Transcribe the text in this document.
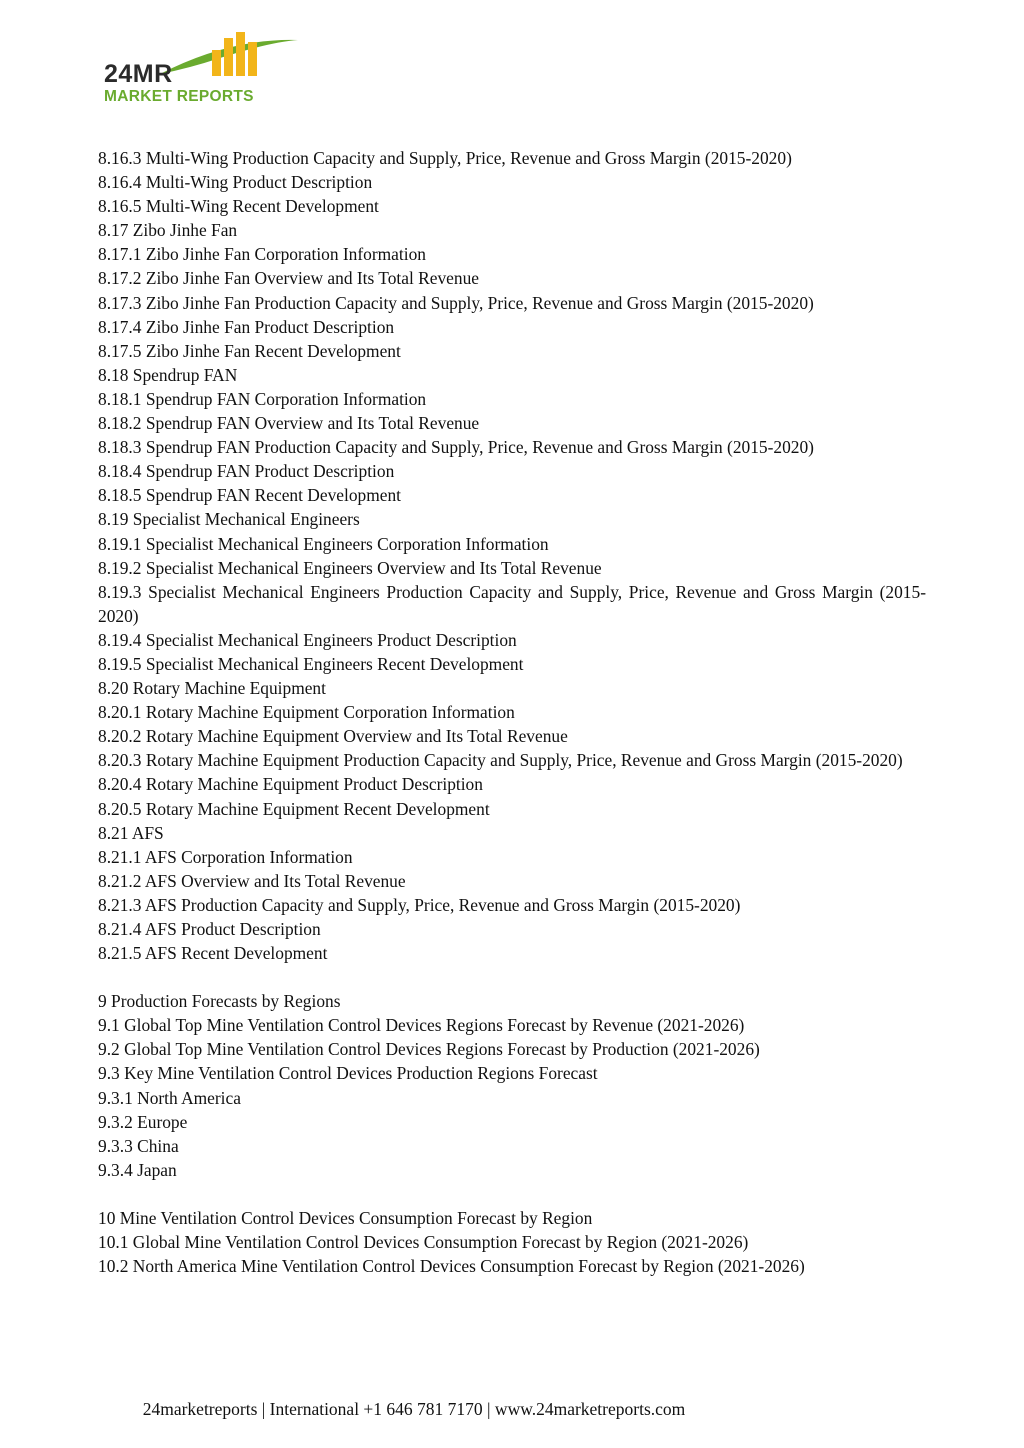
24MR
MARKET REPORTS
8.16.3 Multi-Wing Production Capacity and Supply, Price, Revenue and Gross Margin (2015-2020)
8.16.4 Multi-Wing Product Description
8.16.5 Multi-Wing Recent Development
8.17 Zibo Jinhe Fan
8.17.1 Zibo Jinhe Fan Corporation Information
8.17.2 Zibo Jinhe Fan Overview and Its Total Revenue
8.17.3 Zibo Jinhe Fan Production Capacity and Supply, Price, Revenue and Gross Margin (2015-2020)
8.17.4 Zibo Jinhe Fan Product Description
8.17.5 Zibo Jinhe Fan Recent Development
8.18 Spendrup FAN
8.18.1 Spendrup FAN Corporation Information
8.18.2 Spendrup FAN Overview and Its Total Revenue
8.18.3 Spendrup FAN Production Capacity and Supply, Price, Revenue and Gross Margin (2015-2020)
8.18.4 Spendrup FAN Product Description
8.18.5 Spendrup FAN Recent Development
8.19 Specialist Mechanical Engineers
8.19.1 Specialist Mechanical Engineers Corporation Information
8.19.2 Specialist Mechanical Engineers Overview and Its Total Revenue
8.19.3 Specialist Mechanical Engineers Production Capacity and Supply, Price, Revenue and Gross Margin (2015-2020)
8.19.4 Specialist Mechanical Engineers Product Description
8.19.5 Specialist Mechanical Engineers Recent Development
8.20 Rotary Machine Equipment
8.20.1 Rotary Machine Equipment Corporation Information
8.20.2 Rotary Machine Equipment Overview and Its Total Revenue
8.20.3 Rotary Machine Equipment Production Capacity and Supply, Price, Revenue and Gross Margin (2015-2020)
8.20.4 Rotary Machine Equipment Product Description
8.20.5 Rotary Machine Equipment Recent Development
8.21 AFS
8.21.1 AFS Corporation Information
8.21.2 AFS Overview and Its Total Revenue
8.21.3 AFS Production Capacity and Supply, Price, Revenue and Gross Margin (2015-2020)
8.21.4 AFS Product Description
8.21.5 AFS Recent Development
9 Production Forecasts by Regions
9.1 Global Top Mine Ventilation Control Devices Regions Forecast by Revenue (2021-2026)
9.2 Global Top Mine Ventilation Control Devices Regions Forecast by Production (2021-2026)
9.3 Key Mine Ventilation Control Devices Production Regions Forecast
9.3.1 North America
9.3.2 Europe
9.3.3 China
9.3.4 Japan
10 Mine Ventilation Control Devices Consumption Forecast by Region
10.1 Global Mine Ventilation Control Devices Consumption Forecast by Region (2021-2026)
10.2 North America Mine Ventilation Control Devices Consumption Forecast by Region (2021-2026)
24marketreports | International +1 646 781 7170 | www.24marketreports.com
